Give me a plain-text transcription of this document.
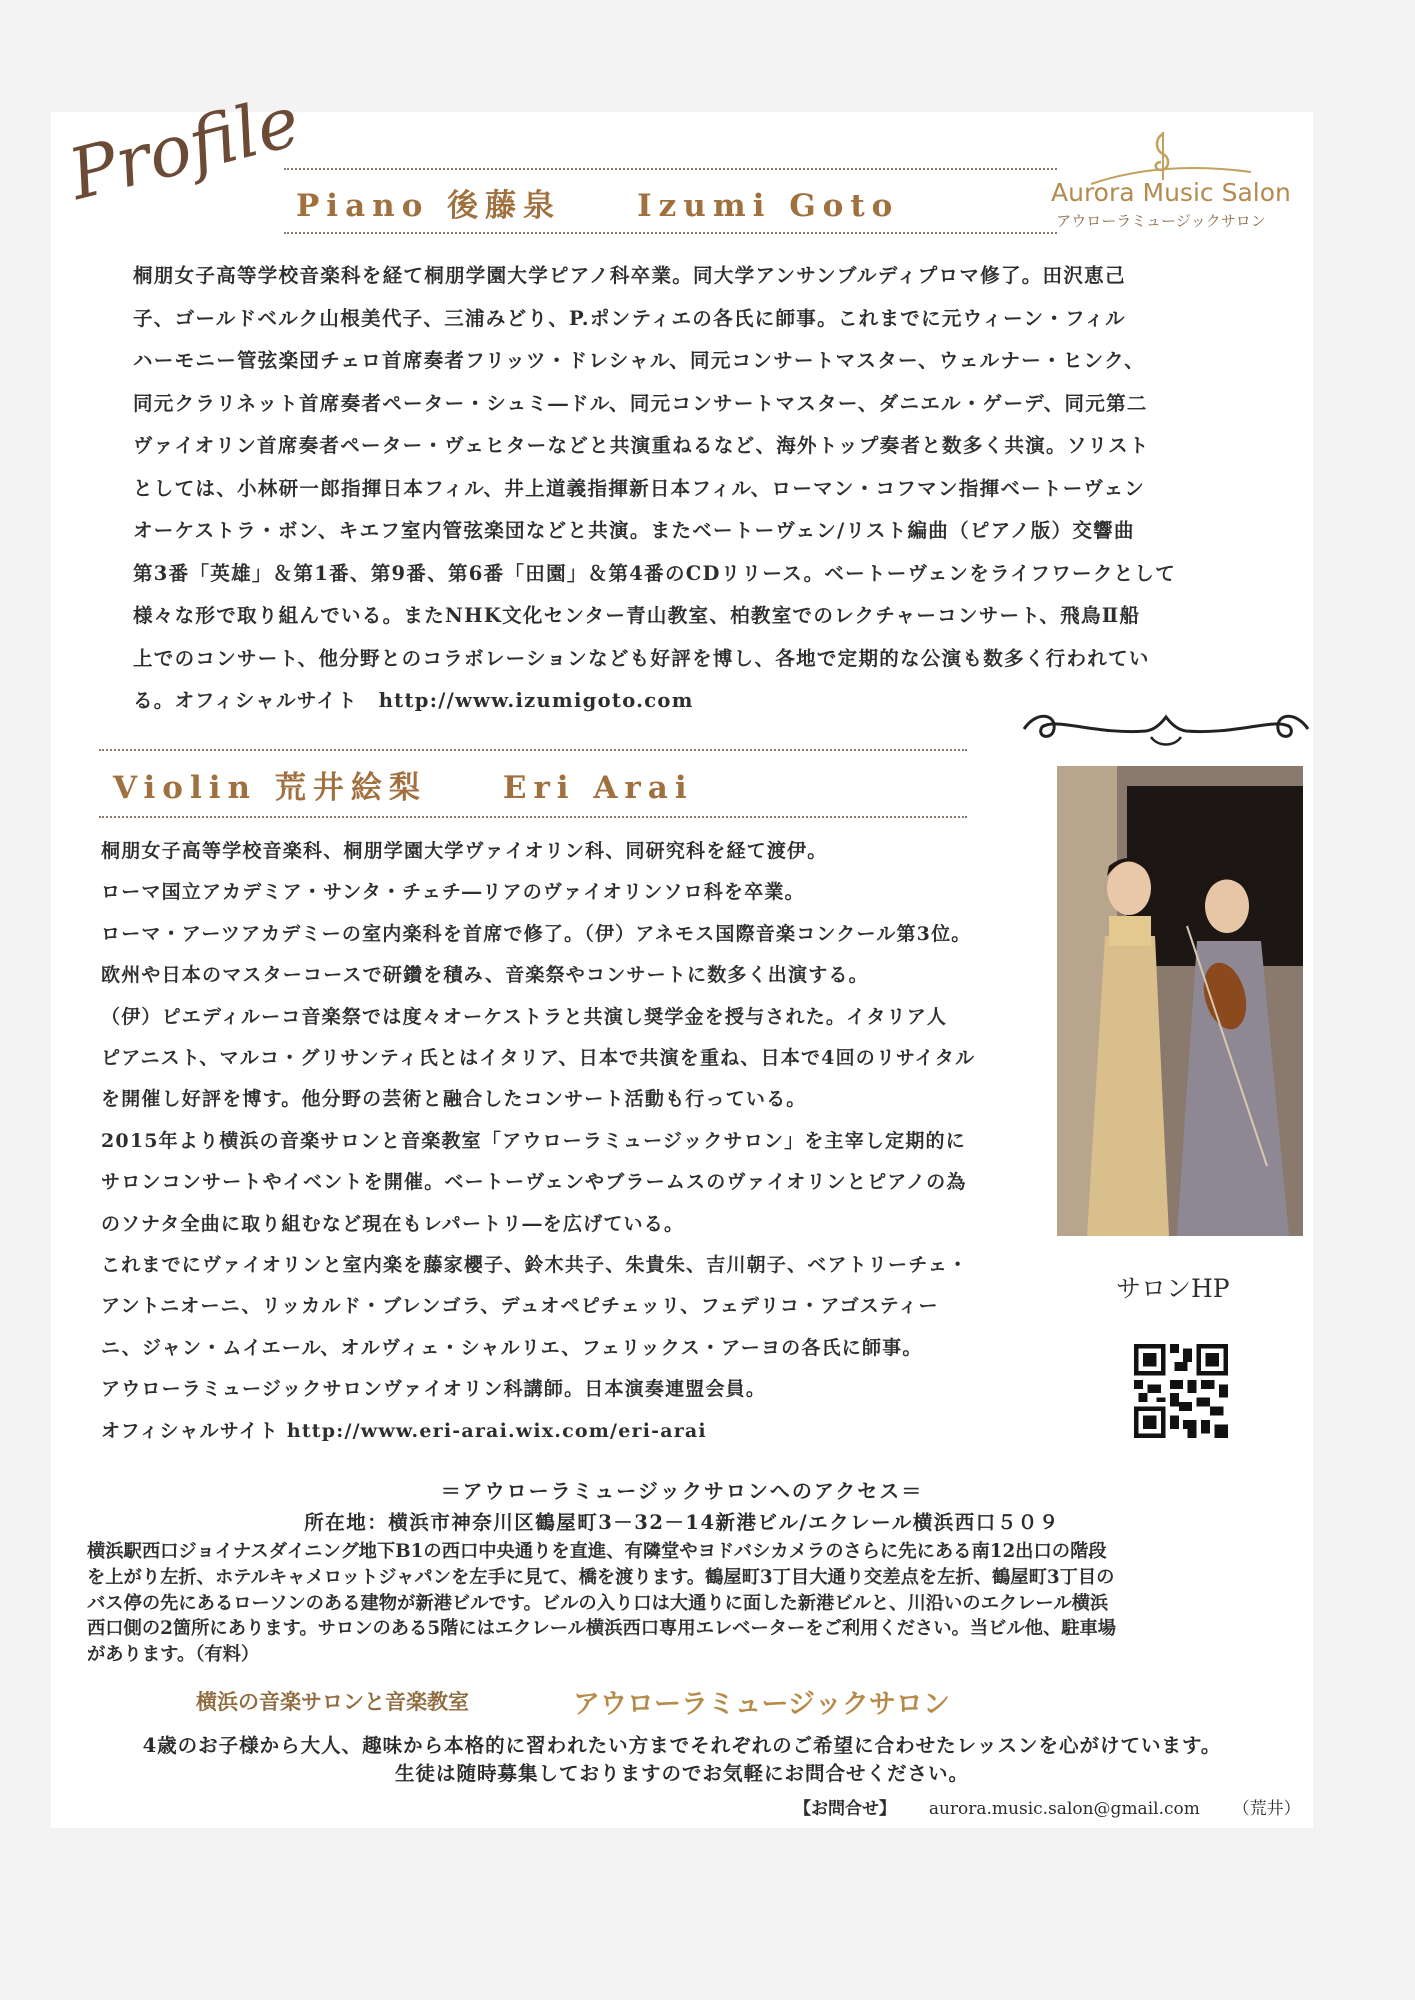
Profile
Piano 後藤泉　　Izumi Goto	Aurora Music Salon
アウローラミュージックサロン

桐朋女子高等学校音楽科を経て桐朋学園大学ピアノ科卒業。同大学アンサンブルディプロマ修了。田沢恵己

子、ゴールドベルク山根美代子、三浦みどり、P.ポンティエの各氏に師事。これまでに元ウィーン・フィル

ハーモニー管弦楽団チェロ首席奏者フリッツ・ドレシャル、同元コンサートマスター、ウェルナー・ヒンク、

同元クラリネット首席奏者ペーター・シュミ―ドル、同元コンサートマスター、ダニエル・ゲーデ、同元第二

ヴァイオリン首席奏者ペーター・ヴェヒターなどと共演重ねるなど、海外トップ奏者と数多く共演。ソリスト

としては、小林研一郎指揮日本フィル、井上道義指揮新日本フィル、ローマン・コフマン指揮ベートーヴェン

オーケストラ・ボン、キエフ室内管弦楽団などと共演。またベートーヴェン/リスト編曲（ピアノ版）交響曲

第3番「英雄」＆第1番、第9番、第6番「田園」＆第4番のCDリリース。ベートーヴェンをライフワークとして

様々な形で取り組んでいる。またNHK文化センター青山教室、柏教室でのレクチャーコンサート、飛鳥Ⅱ船

上でのコンサート、他分野とのコラボレーションなども好評を博し、各地で定期的な公演も数多く行われてい

る。オフィシャルサイト　http://www.izumigoto.com

Violin 荒井絵梨　　Eri Arai

桐朋女子高等学校音楽科、桐朋学園大学ヴァイオリン科、同研究科を経て渡伊。

ローマ国立アカデミア・サンタ・チェチ―リアのヴァイオリンソロ科を卒業。

ローマ・アーツアカデミーの室内楽科を首席で修了。（伊）アネモス国際音楽コンクール第3位。

欧州や日本のマスターコースで研鑽を積み、音楽祭やコンサートに数多く出演する。

（伊）ピエディルーコ音楽祭では度々オーケストラと共演し奨学金を授与された。イタリア人

ピアニスト、マルコ・グリサンティ氏とはイタリア、日本で共演を重ね、日本で4回のリサイタル

を開催し好評を博す。他分野の芸術と融合したコンサート活動も行っている。

2015年より横浜の音楽サロンと音楽教室「アウローラミュージックサロン」を主宰し定期的に

サロンコンサートやイベントを開催。ベートーヴェンやブラームスのヴァイオリンとピアノの為

のソナタ全曲に取り組むなど現在もレパートリ―を広げている。

これまでにヴァイオリンと室内楽を藤家櫻子、鈴木共子、朱貴朱、吉川朝子、ベアトリーチェ・

アントニオーニ、リッカルド・ブレンゴラ、デュオペピチェッリ、フェデリコ・アゴスティー

ニ、ジャン・ムイエール、オルヴィェ・シャルリエ、フェリックス・アーヨの各氏に師事。

アウローラミュージックサロンヴァイオリン科講師。日本演奏連盟会員。

オフィシャルサイト http://www.eri-arai.wix.com/eri-arai

サロンHP
＝アウローラミュージックサロンへのアクセス＝
所在地：横浜市神奈川区鶴屋町3－32－14新港ビル/エクレール横浜西口５０９

横浜駅西口ジョイナスダイニング地下B1の西口中央通りを直進、有隣堂やヨドバシカメラのさらに先にある南12出口の階段

を上がり左折、ホテルキャメロットジャパンを左手に見て、橋を渡ります。鶴屋町3丁目大通り交差点を左折、鶴屋町3丁目の

バス停の先にあるローソンのある建物が新港ビルです。ビルの入り口は大通りに面した新港ビルと、川沿いのエクレール横浜

西口側の2箇所にあります。サロンのある5階にはエクレール横浜西口専用エレベーターをご利用ください。当ビル他、駐車場

があります。（有料）

横浜の音楽サロンと音楽教室	アウローラミュージックサロン
4歳のお子様から大人、趣味から本格的に習われたい方までそれぞれのご希望に合わせたレッスンを心がけています。
生徒は随時募集しておりますのでお気軽にお問合せください。
【お問合せ】 aurora.music.salon@gmail.com （荒井）
